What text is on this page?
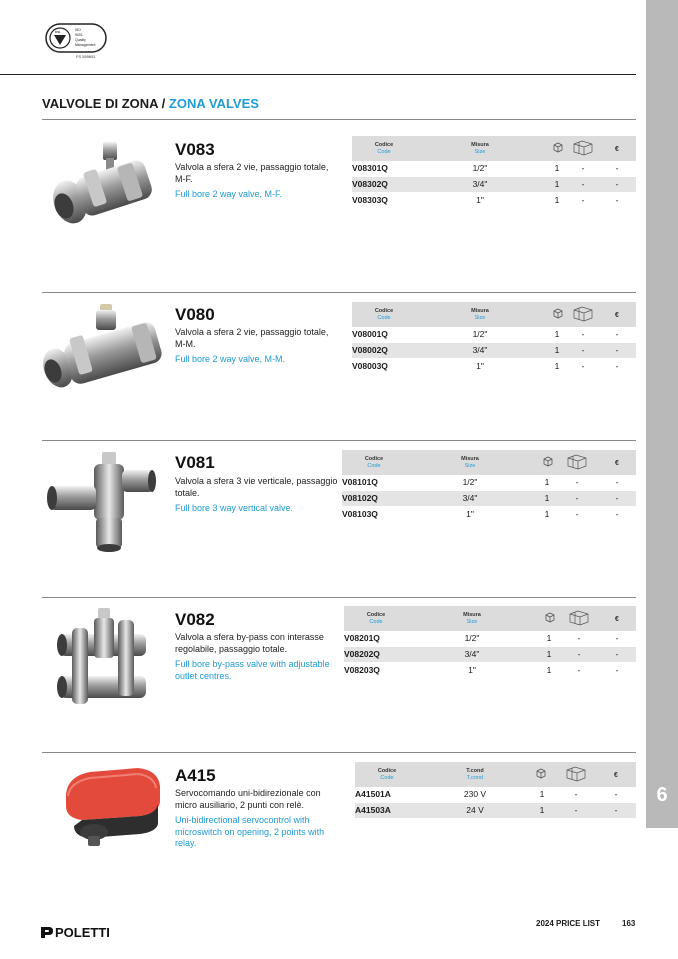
6
bsi.	ISO
9001
Quality
Management
FS 559651
VALVOLE DI ZONA / ZONA VALVES
V083
Valvola a sfera 2 vie, passaggio totale, M-F.
Full bore 2 way valve, M-F.
Codice
Code
Misura
Size	€
V08301Q	1/2"	1	-	-
V08302Q	3/4"	1	-	-
V08303Q	1"	1	-	-
V080
Valvola a sfera 2 vie, passaggio totale, M-M.
Full bore 2 way valve, M-M.
Codice
Code
Misura
Size	€
V08001Q	1/2"	1	-	-
V08002Q	3/4"	1	-	-
V08003Q	1"	1	-	-
V081
Valvola a sfera 3 vie verticale, passaggio totale.
Full bore 3 way vertical valve.
Codice
Code
Misura
Size	€
V08101Q	1/2"	1	-	-
V08102Q	3/4"	1	-	-
V08103Q	1"	1	-	-
V082
Valvola a sfera by-pass con interasse regolabile, passaggio totale.
Full bore by-pass valve with adjustable outlet centres.
Codice
Code
Misura
Size	€
V08201Q	1/2"	1	-	-
V08202Q	3/4"	1	-	-
V08203Q	1"	1	-	-
A415
Servocomando uni-bidirezionale con micro ausiliario, 2 punti con relè.
Uni-bidirectional servocontrol with microswitch on opening, 2 points with relay.
Codice
Code
T.cond
T.cond	€
A41501A	230 V	1	-	-
A41503A	24 V	1	-	-
POLETTI
2024 PRICE LIST	163
